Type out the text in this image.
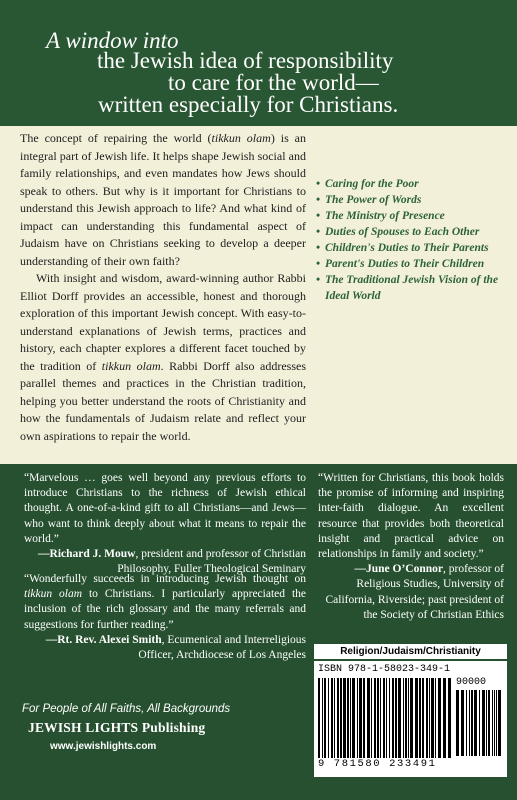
A window into
the Jewish idea of responsibility
to care for the world—
written especially for Christians.

The concept of repairing the world (tikkun olam) is an integral part of Jewish life. It helps shape Jewish social and family relationships, and even mandates how Jews should speak to others. But why is it important for Christians to understand this Jewish approach to life? And what kind of impact can understanding this fundamental aspect of Judaism have on Christians seeking to develop a deeper understanding of their own faith?

With insight and wisdom, award-winning author Rabbi Elliot Dorff provides an accessible, honest and thorough exploration of this important Jewish concept. With easy-to-understand explanations of Jewish terms, practices and history, each chapter explores a different facet touched by the tradition of tikkun olam. Rabbi Dorff also addresses parallel themes and practices in the Christian tradition, helping you better understand the roots of Christianity and how the fundamentals of Judaism relate and reflect your own aspirations to repair the world.

• Caring for the Poor
• The Power of Words
• The Ministry of Presence
• Duties of Spouses to Each Other
• Children's Duties to Their Parents
• Parent's Duties to Their Children
• The Traditional Jewish Vision of the Ideal World
“Marvelous … goes well beyond any previous efforts to introduce Christians to the richness of Jewish ethical thought. A one-of-a-kind gift to all Christians—and Jews—who want to think deeply about what it means to repair the world.”
—Richard J. Mouw, president and professor of Christian Philosophy, Fuller Theological Seminary
“Wonderfully succeeds in introducing Jewish thought on tikkun olam to Christians. I particularly appreciated the inclusion of the rich glossary and the many referrals and suggestions for further reading.”
—Rt. Rev. Alexei Smith, Ecumenical and Interreligious Officer, Archdiocese of Los Angeles
“Written for Christians, this book holds the promise of informing and inspiring inter-faith dialogue. An excellent resource that provides both theoretical insight and practical advice on relationships in family and society.”
—June O’Connor, professor of Religious Studies, University of California, Riverside; past president of the Society of Christian Ethics
Religion/Judaism/Christianity
ISBN 978-1-58023-349-1
90000
9 781580 233491
For People of All Faiths, All Backgrounds
JEWISH LIGHTS Publishing
www.jewishlights.com
